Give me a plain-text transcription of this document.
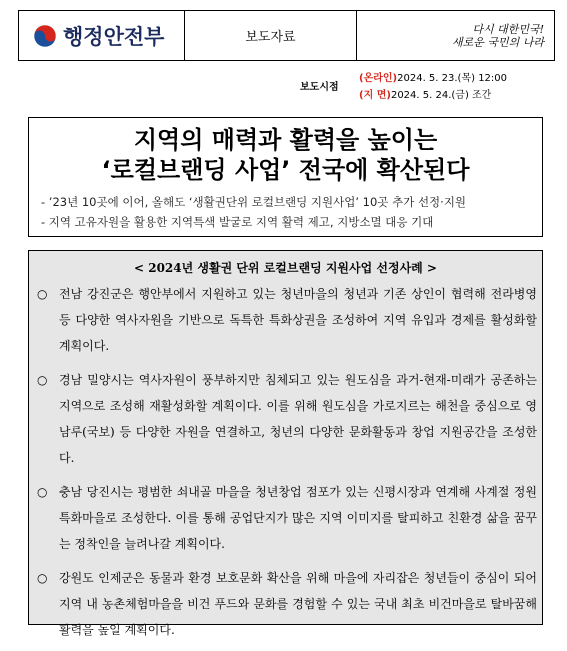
행정안전부	보도자료
다시 대한민국!
새로운 국민의 나라
보도시점
(온라인)2024. 5. 23.(목) 12:00
(지 면)2024. 5. 24.(금) 조간
지역의 매력과 활력을 높이는
‘로컬브랜딩 사업’ 전국에 확산된다
- ’23년 10곳에 이어, 올해도 ‘생활권단위 로컬브랜딩 지원사업’ 10곳 추가 선정·지원
- 지역 고유자원을 활용한 지역특색 발굴로 지역 활력 제고, 지방소멸 대응 기대
< 2024년 생활권 단위 로컬브랜딩 지원사업 선정사례 >
○ 전남 강진군은 행안부에서 지원하고 있는 청년마을의 청년과 기존 상인이 협력해 전라병영 등 다양한 역사자원을 기반으로 독특한 특화상권을 조성하여 지역 유입과 경제를 활성화할 계획이다.
○ 경남 밀양시는 역사자원이 풍부하지만 침체되고 있는 원도심을 과거-현재-미래가 공존하는 지역으로 조성해 재활성화할 계획이다. 이를 위해 원도심을 가로지르는 해천을 중심으로 영남루(국보) 등 다양한 자원을 연결하고, 청년의 다양한 문화활동과 창업 지원공간을 조성한다.
○ 충남 당진시는 평범한 쇠내골 마을을 청년창업 점포가 있는 신평시장과 연계해 사계절 정원특화마을로 조성한다. 이를 통해 공업단지가 많은 지역 이미지를 탈피하고 친환경 삶을 꿈꾸는 정착인을 늘려나갈 계획이다.
○ 강원도 인제군은 동물과 환경 보호문화 확산을 위해 마을에 자리잡은 청년들이 중심이 되어 지역 내 농촌체험마을을 비건 푸드와 문화를 경험할 수 있는 국내 최초 비건마을로 탈바꿈해 활력을 높일 계획이다.
